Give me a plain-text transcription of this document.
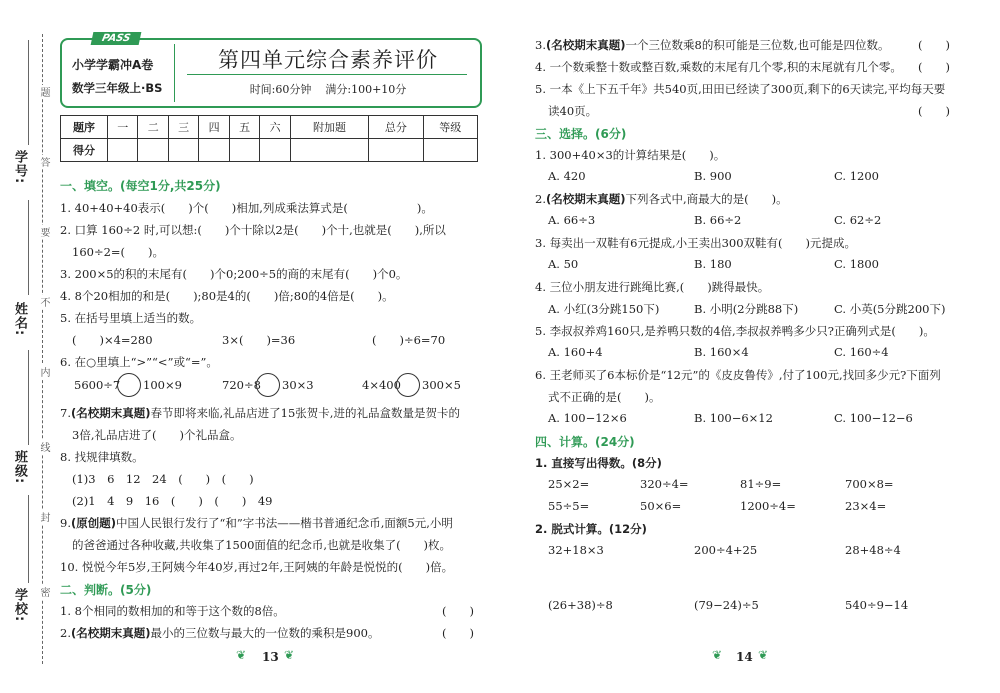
学号:
姓名:
班级:
学校:
题
答
要
不
内
线
封
密
PASS
小学学霸冲A卷
数学三年级上·BS
第四单元综合素养评价
时间:60分钟 满分:100+10分
题序	一	二	三	四	五	六	附加题	总分	等级
得分									
一、填空。(每空1分,共25分)
1. 40+40+40表示(　　)个(　　)相加,列成乘法算式是(　　　　　　)。
2. 口算 160÷2 时,可以想:(　　)个十除以2是(　　)个十,也就是(　　),所以
160÷2=(　　)。
3. 200×5的积的末尾有(　　)个0;200÷5的商的末尾有(　　)个0。
4. 8个20相加的和是(　　);80是4的(　　)倍;80的4倍是(　　)。
5. 在括号里填上适当的数。
(　　)×4=280	3×(　　)=36	(　　)÷6=70
6. 在○里填上“>”“<”或“=”。
5600÷7 100×9	720÷8 30×3	4×400 300×5
7.(名校期末真题)春节即将来临,礼品店进了15张贺卡,进的礼品盒数量是贺卡的
3倍,礼品店进了(　　)个礼品盒。
8. 找规律填数。
(1)3　6　12　24　(　　)　(　　)
(2)1　4　9　16　(　　)　(　　)　49
9.(原创题)中国人民银行发行了“和”字书法——楷书普通纪念币,面额5元,小明
的爸爸通过各种收藏,共收集了1500面值的纪念币,也就是收集了(　　)枚。
10. 悦悦今年5岁,王阿姨今年40岁,再过2年,王阿姨的年龄是悦悦的(　　)倍。
二、判断。(5分)
1. 8个相同的数相加的和等于这个数的8倍。	(　　)
2.(名校期末真题)最小的三位数与最大的一位数的乘积是900。	(　　)
❦ 13 ❦
3.(名校期末真题)一个三位数乘8的积可能是三位数,也可能是四位数。 (　　)
4. 一个数乘整十数或整百数,乘数的末尾有几个零,积的末尾就有几个零。 (　　)
5. 一本《上下五千年》共540页,田田已经读了300页,剩下的6天读完,平均每天要
读40页。	(　　)
三、选择。(6分)
1. 300+40×3的计算结果是(　　)。
A. 420	B. 900	C. 1200
2.(名校期末真题)下列各式中,商最大的是(　　)。
A. 66÷3	B. 66÷2	C. 62÷2
3. 每卖出一双鞋有6元提成,小王卖出300双鞋有(　　)元提成。
A. 50	B. 180	C. 1800
4. 三位小朋友进行跳绳比赛,(　　)跳得最快。
A. 小红(3分跳150下)	B. 小明(2分跳88下)	C. 小英(5分跳200下)
5. 李叔叔养鸡160只,是养鸭只数的4倍,李叔叔养鸭多少只?正确列式是(　　)。
A. 160+4	B. 160×4	C. 160÷4
6. 王老师买了6本标价是“12元”的《皮皮鲁传》,付了100元,找回多少元?下面列
式不正确的是(　　)。
A. 100−12×6	B. 100−6×12	C. 100−12−6
四、计算。(24分)
1. 直接写出得数。(8分)
25×2=	320÷4=	81÷9=	700×8=
55÷5=	50×6=	1200÷4=	23×4=
2. 脱式计算。(12分)
32+18×3	200÷4+25	28+48÷4
(26+38)÷8	(79−24)÷5	540÷9−14
❦ 14 ❦
